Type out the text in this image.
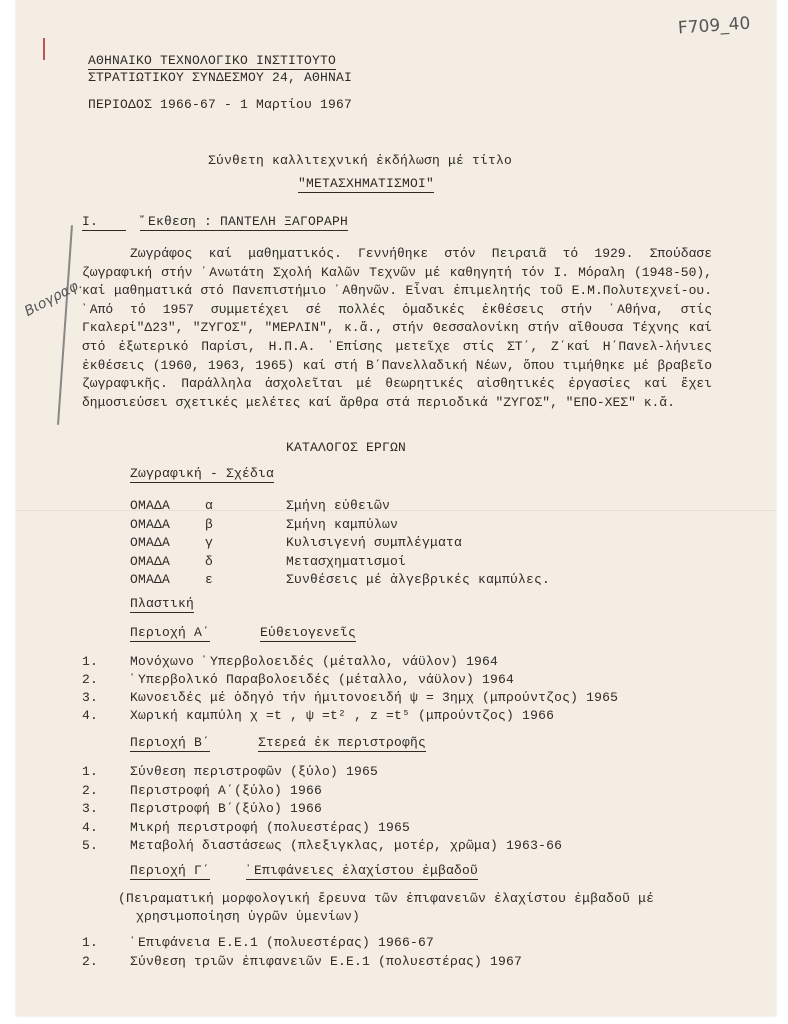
F709_40
ΑΘΗΝΑΙΚΟ ΤΕΧΝΟΛΟΓΙΚΟ ΙΝΣΤΙΤΟΥΤΟ
ΣΤΡΑΤΙΩΤΙΚΟΥ ΣΥΝΔΕΣΜΟΥ 24, ΑΘΗΝΑΙ
ΠΕΡΙΟΔΟΣ 1966-67 - 1 Μαρτίου 1967
Σύνθετη καλλιτεχνική ἐκδήλωση μέ τίτλο
"ΜΕΤΑΣΧΗΜΑΤΙΣΜΟΙ"
I.	῎Εκθεση : ΠΑΝΤΕΛΗ ΞΑΓΟΡΑΡΗ
Βιογραφ.
Ζωγράφος καί μαθηματικός. Γεννήθηκε στόν Πειραιᾶ τό 1929. Σπούδασε ζωγραφική στήν ᾿Ανωτάτη Σχολή Καλῶν Τεχνῶν μέ καθηγητή τόν Ι. Μόραλη (1948-50), καί μαθηματικά στό Πανεπιστήμιο ᾿Αθηνῶν. Εἶναι ἐπιμελητής τοῦ Ε.Μ.Πολυτεχνεί-ου. ᾿Από τό 1957 συμμετέχει σέ πολλές ὁμαδικές ἐκθέσεις στήν ᾿Αθήνα, στίς Γκαλερί"Δ23", "ΖΥΓΟΣ", "ΜΕΡΛΙΝ", κ.ἄ., στήν Θεσσαλονίκη στήν αἴθουσα Τέχνης καί στό ἐξωτερικό Παρίσι, Η.Π.Α. ᾿Επίσης μετεῖχε στίς ΣΤ΄, Ζ΄καί Η΄Πανελ-λήνιες ἐκθέσεις (1960, 1963, 1965) καί στή Β΄Πανελλαδική Νέων, ὅπου τιμήθηκε μέ βραβεῖο ζωγραφικῆς. Παράλληλα ἀσχολεῖται μέ θεωρητικές αἰσθητικές ἐργασίες καί ἔχει δημοσιεύσει σχετικές μελέτες καί ἄρθρα στά περιοδικά "ΖΥΓΟΣ", "ΕΠΟ-ΧΕΣ" κ.ἄ.
ΚΑΤΑΛΟΓΟΣ ΕΡΓΩΝ
Ζωγραφική - Σχέδια
ΟΜΑΔΑ	α	Σμήνη εὐθειῶν
ΟΜΑΔΑ	β	Σμήνη καμπύλων
ΟΜΑΔΑ	γ	Κυλισιγενή συμπλέγματα
ΟΜΑΔΑ	δ	Μετασχηματισμοί
ΟΜΑΔΑ	ε	Συνθέσεις μέ ἀλγεβρικές καμπύλες.
Πλαστική
Περιοχή Α΄	Εὐθειογενεῖς
1. Μονόχωνο ῾Υπερβολοειδές (μέταλλο, νάϋλον) 1964
2. ῾Υπερβολικό Παραβολοειδές (μέταλλο, νάϋλον) 1964
3. Κωνοειδές μέ ὁδηγό τήν ἡμιτονοειδή ψ = 3ημχ (μπρούντζος) 1965
4. Χωρική καμπύλη χ =t , ψ =t² , z =t⁵ (μπρούντζος) 1966
Περιοχή Β΄	Στερεά ἐκ περιστροφῆς
1. Σύνθεση περιστροφῶν (ξύλο) 1965
2. Περιστροφή Α΄(ξύλο) 1966
3. Περιστροφή Β΄(ξύλο) 1966
4. Μικρή περιστροφή (πολυεστέρας) 1965
5. Μεταβολή διαστάσεως (πλεξιγκλας, μοτέρ, χρῶμα) 1963-66
Περιοχή Γ΄	᾿Επιφάνειες ἐλαχίστου ἐμβαδοῦ
(Πειραματική μορφολογική ἔρευνα τῶν ἐπιφανειῶν ἐλαχίστου ἐμβαδοῦ μέ
χρησιμοποίηση ὑγρῶν ὑμενίων)
1. ᾿Επιφάνεια Ε.Ε.1 (πολυεστέρας) 1966-67
2. Σύνθεση τριῶν ἐπιφανειῶν Ε.Ε.1 (πολυεστέρας) 1967
